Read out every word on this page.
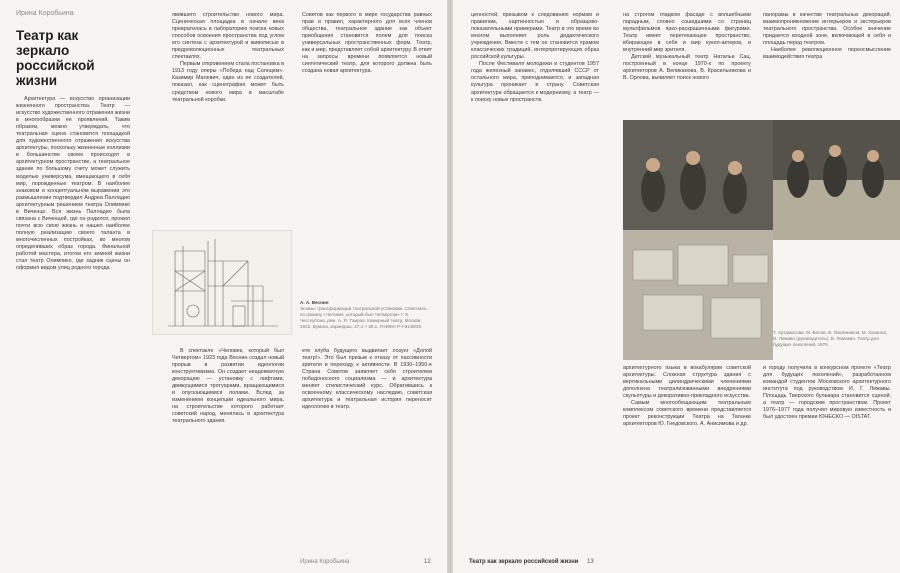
Ирина Коробьина
Театр как зеркало российской жизни

Архитектура — искусство организации жизненного пространства. Театр — искусство художественного отражения жизни в многообразии ее проявлений. Таким образом, можно утверждать, что театральная сцена становится площадкой для художественного отражения искусства архитектуры, поскольку жизненные коллизии в большинстве своем происходят в архитектурном пространстве, а театральное здание по большому счету может служить моделью универсума, вмещающего в себя мир, порожденные театром. В наиболее знаковом и концептуальном выражении это размышление подтвердил Андреа Палладио архитектурным решением театра Олимпико в Виченце. Вся жизнь Палладио была связана с Виченцей, где он родился, прожил почти всю свою жизнь и нашел наиболее полную реализацию своего таланта в многочисленных постройках, во многом определивших образ города. Финальной работой мастера, итогом его земной жизни стал театр Олимпико, где задник сцены он оформил видом улиц родного города.

явившего строительство нового мира. Сценическая площадка в начале века превратилась в лабораторию поиска новых способов освоения пространства под углом его синтеза с архитектурой и живописью в предреволюционных театральных спектаклях.

Первым откровением стала постановка в 1913 году оперы «Победа над Солнцем». Казимир Малевич, один из ее создателей, показал, как сценография может быть средством нового мира в масштабе театральной коробки.

Советов как первого в мире государства равных прав и правил, характерного для всех членов общества, театральное здание как объект приобщения становится полем для поиска универсальных пространственных форм. Театр, как и мир, представляет собой архитектуру. В ответ на запросы времени появляется новый синтетический театр, для которого должна быть создана новая архитектура.

А. А. Веснин
Эскизы трансформации театральной установки. Спектакль по роману «Человек, который был Четвергом» Г. К. Честертона, реж. А. Я. Таиров. Камерный театр, Москва, 1922. Бумага, карандаш. 27,4 × 39,1. ГНИМА Р-I-9148/25

В спектакле «Человек, который был Четвергом» 1923 года Веснин создал новый прорыв в развитии идеологии конструктивизма. Он создает неадекватную декорацию — установку с лифтами, движущимися тротуарами, вращающимися и опускающимися полами. Вслед за изменением концепции идеального мира, на строительстве которого работает советский народ, менялась и архитектура театрального здания.

ете клуба будущего выдвигает лозунг «Долой театр!». Это был призыв к отказу от пассивности зрителя и переходу к активности. В 1930–1950-е Страна Советов заявляет себя строителем победоносного социализма — и архитектура меняет стилистический курс. Обратившись к освоенному классическому наследию, советская архитектура и театральная история переносят идеологию в театр.

Ирина Коробьина	12

ценностей, призывом к следованию нормам и правилам, картинностью и образцово-показательными примерами. Театр в это время во многом выполняет роль дидактического учреждения. Вместе с тем он становится храмом классических традиций, интерпретирующих образ российской культуры.

После Фестиваля молодежи и студентов 1957 года железный занавес, отделявший СССР от остального мира, приподнимается, и западная культура проникает в страну. Советская архитектура обращается к модернизму, а театр — к поиску новых пространств.

на строгом гладком фасаде с волшебными парадным, словно сошедшими со страниц мультфильмов ярко-раскрашенными фигурами. Театр имеет перетекающее пространство, вбирающее в себя и мир кукол-актеров, и внутренний мир зрителя.

Детский музыкальный театр Натальи Сац, построенный в конце 1970-х по проекту архитекторов А. Великанова, В. Красильникова и В. Орлова, выявляет поиск нового

панорамы в качестве театральных декораций, взаимопроникновение интерьеров и экстерьеров театрального пространства. Особое значение придается входной зоне, включающей в себя и площадь перед театром.

Наиболее революционное переосмысление взаимодействия театра

Т. Артамасова, М. Белов, В. Овсянников, М. Хазанов, И. Лежава (руководитель), В. Ломакин. Театр для будущих поколений, 1976

архитектурного языка в вокабулярии советской архитектуры. Сложная структура здания с вертикальными цилиндрическими членениями дополнена театрализованными внедрениями скульптуры и декоративно-прикладного искусства.

Самым многообещающим театральным комплексом советского времени представляется проект реконструкции Театра на Таганке архитекторов Ю. Гнедовского, А. Анисимова и др.

и городу получила в конкурсном проекте «Театр для будущих поколений», разработанном командой студентов Московского архитектурного института под руководством И. Г. Лежавы. Площадь Тверского бульвара становится сценой, а театр — городским пространством. Проект 1976–1977 года получил мировую известность и был удостоен премии ЮНЕСКО — OISTAT.

Театр как зеркало российской жизни 13
